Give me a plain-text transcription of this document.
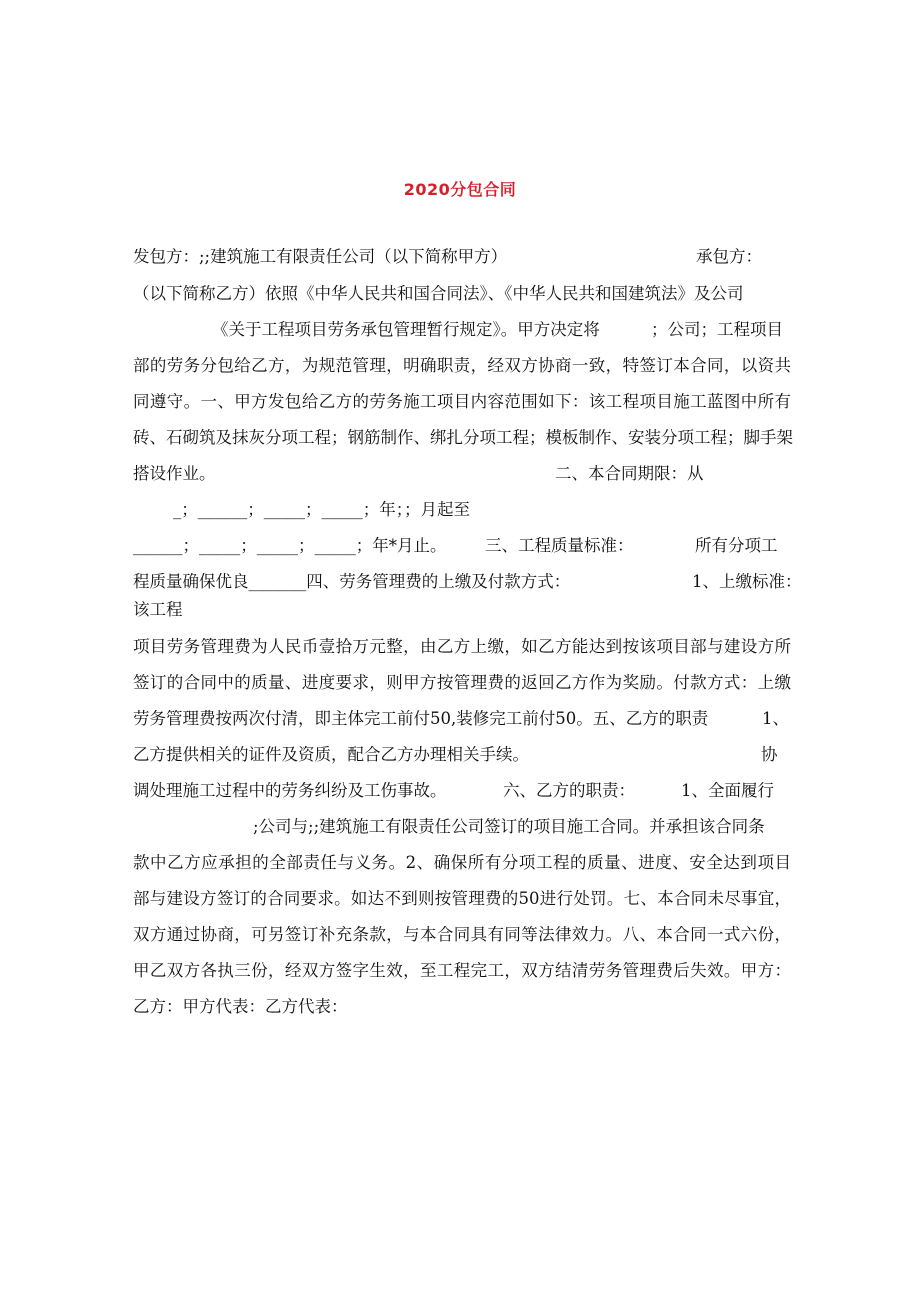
2020分包合同
发包方：;;建筑施工有限责任公司（以下简称甲方）	承包方：
（以下简称乙方）依照《中华人民共和国合同法》、《中华人民共和国建筑法》及公司
《关于工程项目劳务承包管理暂行规定》。甲方决定将	；公司；工程项目
部的劳务分包给乙方，为规范管理，明确职责，经双方协商一致，特签订本合同，以资共
同遵守。一、甲方发包给乙方的劳务施工项目内容范围如下：该工程项目施工蓝图中所有
砖、石砌筑及抹灰分项工程；钢筋制作、绑扎分项工程；模板制作、安装分项工程；脚手架
搭设作业。	二、本合同期限：从
_；______；_____；_____；年；；月起至
______；_____；_____；_____；年*月止。 三、工程质量标准：	所有分项工
程质量确保优良_______四、劳务管理费的上缴及付款方式：	1、上缴标准：
该工程
项目劳务管理费为人民币壹拾万元整，由乙方上缴，如乙方能达到按该项目部与建设方所
签订的合同中的质量、进度要求，则甲方按管理费的返回乙方作为奖励。付款方式：上缴
劳务管理费按两次付清，即主体完工前付50,装修完工前付50。五、乙方的职责	1、
乙方提供相关的证件及资质，配合乙方办理相关手续。	协
调处理施工过程中的劳务纠纷及工伤事故。	六、乙方的职责：	1、全面履行
;公司与;;建筑施工有限责任公司签订的项目施工合同。并承担该合同条
款中乙方应承担的全部责任与义务。2、确保所有分项工程的质量、进度、安全达到项目
部与建设方签订的合同要求。如达不到则按管理费的50进行处罚。七、本合同未尽事宜，
双方通过协商，可另签订补充条款，与本合同具有同等法律效力。八、本合同一式六份，
甲乙双方各执三份，经双方签字生效，至工程完工，双方结清劳务管理费后失效。甲方：
乙方：甲方代表：乙方代表：
